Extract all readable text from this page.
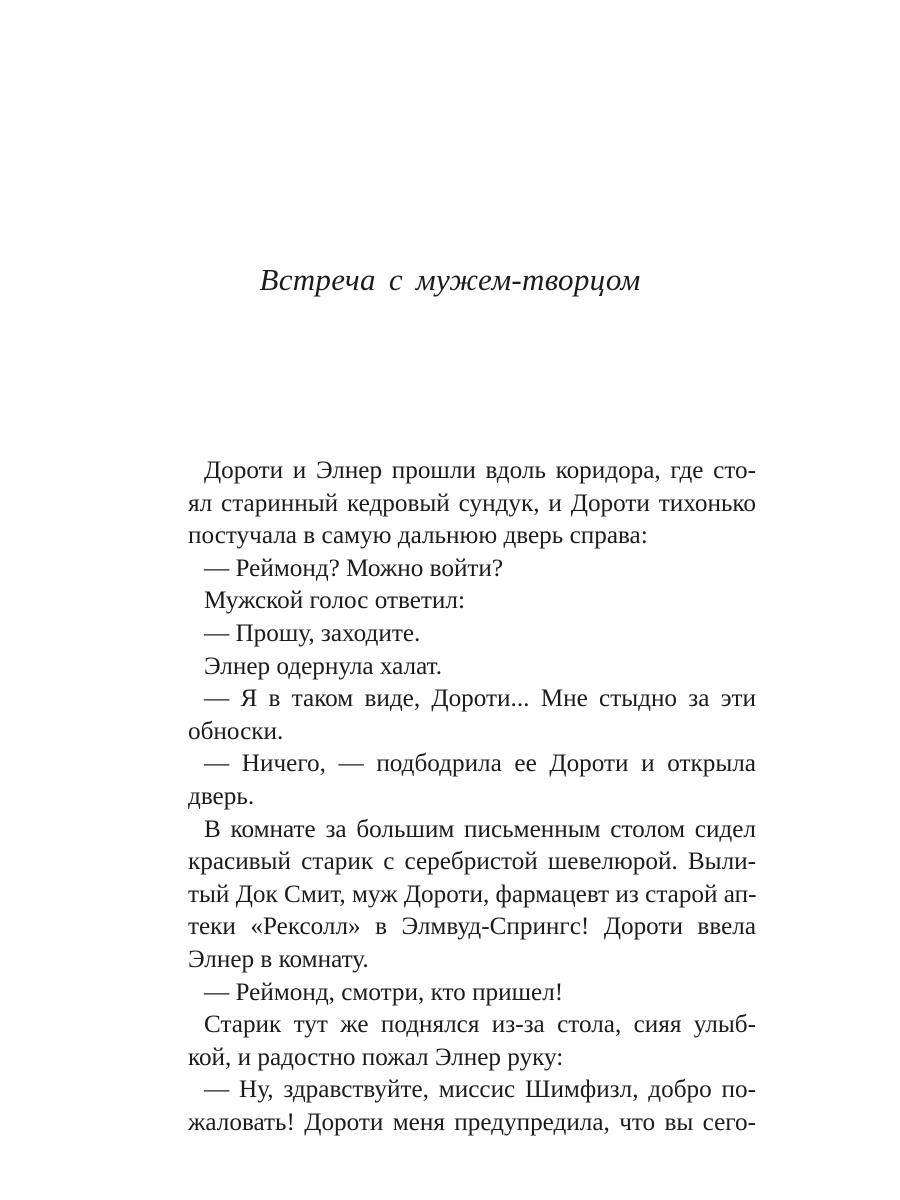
Встреча с мужем-творцом
Дороти и Элнер прошли вдоль коридора, где сто-
ял старинный кедровый сундук, и Дороти тихонько
постучала в самую дальнюю дверь справа:
— Реймонд? Можно войти?
Мужской голос ответил:
— Прошу, заходите.
Элнер одернула халат.
— Я в таком виде, Дороти... Мне стыдно за эти
обноски.
— Ничего, — подбодрила ее Дороти и открыла
дверь.
В комнате за большим письменным столом сидел
красивый старик с серебристой шевелюрой. Выли-
тый Док Смит, муж Дороти, фармацевт из старой ап-
теки «Рексолл» в Элмвуд-Спрингс! Дороти ввела
Элнер в комнату.
— Реймонд, смотри, кто пришел!
Старик тут же поднялся из-за стола, сияя улыб-
кой, и радостно пожал Элнер руку:
— Ну, здравствуйте, миссис Шимфизл, добро по-
жаловать! Дороти меня предупредила, что вы сего-
